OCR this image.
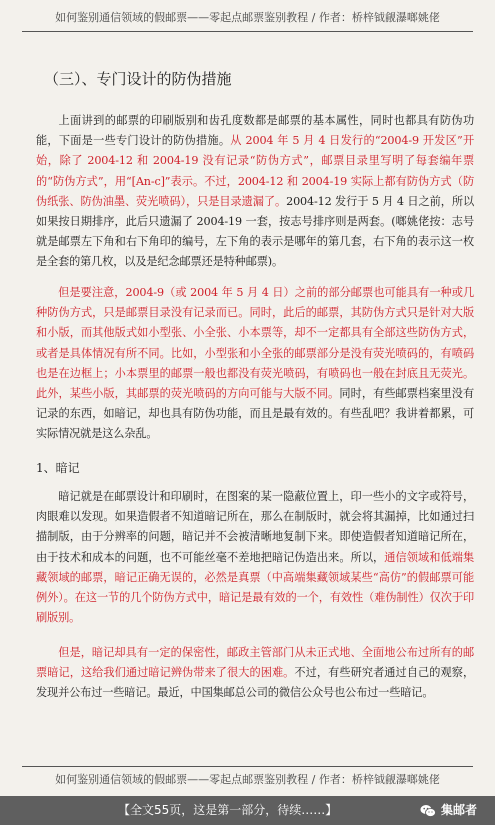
如何鉴别通信领域的假邮票——零起点邮票鉴别教程 / 作者：桥梓钺觎瀑啷姚佬
（三）、专门设计的防伪措施
上面讲到的邮票的印刷版别和齿孔度数都是邮票的基本属性，同时也都具有防伪功能，下面是一些专门设计的防伪措施。从 2004 年 5 月 4 日发行的“2004-9 开发区”开始，除了 2004-12 和 2004-19 没有记录“防伪方式”，邮票目录里写明了每套编年票的“防伪方式”，用“[An-c]”表示。不过，2004-12 和 2004-19 实际上都有防伪方式（防伪纸张、防伪油墨、荧光喷码），只是目录遗漏了。2004-12 发行于 5 月 4 日之前，所以如果按日期排序，此后只遗漏了 2004-19 一套，按志号排序则是两套。(啷姚佬按：志号就是邮票左下角和右下角印的编号，左下角的表示是哪年的第几套，右下角的表示这一枚是全套的第几枚，以及是纪念邮票还是特种邮票)。
但是要注意，2004-9（或 2004 年 5 月 4 日）之前的部分邮票也可能具有一种或几种防伪方式，只是邮票目录没有记录而已。同时，此后的邮票，其防伪方式只是针对大版和小版，而其他版式如小型张、小全张、小本票等，却不一定都具有全部这些防伪方式，或者是具体情况有所不同。比如，小型张和小全张的邮票部分是没有荧光喷码的，有喷码也是在边框上；小本票里的邮票一般也都没有荧光喷码，有喷码也一般在封底且无荧光。此外，某些小版，其邮票的荧光喷码的方向可能与大版不同。同时，有些邮票档案里没有记录的东西，如暗记，却也具有防伪功能，而且是最有效的。有些乱吧？我讲着都累，可实际情况就是这么杂乱。
1、暗记
暗记就是在邮票设计和印刷时，在图案的某一隐蔽位置上，印一些小的文字或符号，肉眼难以发现。如果造假者不知道暗记所在，那么在制版时，就会将其漏掉，比如通过扫描制版，由于分辨率的问题，暗记并不会被清晰地复制下来。即使造假者知道暗记所在，由于技术和成本的问题，也不可能丝毫不差地把暗记伪造出来。所以，通信领域和低端集藏领域的邮票，暗记正确无误的，必然是真票（中高端集藏领域某些“高仿”的假邮票可能例外）。在这一节的几个防伪方式中，暗记是最有效的一个，有效性（难伪制性）仅次于印刷版别。
但是，暗记却具有一定的保密性，邮政主管部门从未正式地、全面地公布过所有的邮票暗记，这给我们通过暗记辨伪带来了很大的困难。不过，有些研究者通过自己的观察，发现并公布过一些暗记。最近，中国集邮总公司的微信公众号也公布过一些暗记。
如何鉴别通信领域的假邮票——零起点邮票鉴别教程 / 作者：桥梓钺觎瀑啷姚佬
【全文55页，这是第一部分，待续……】	集邮者
